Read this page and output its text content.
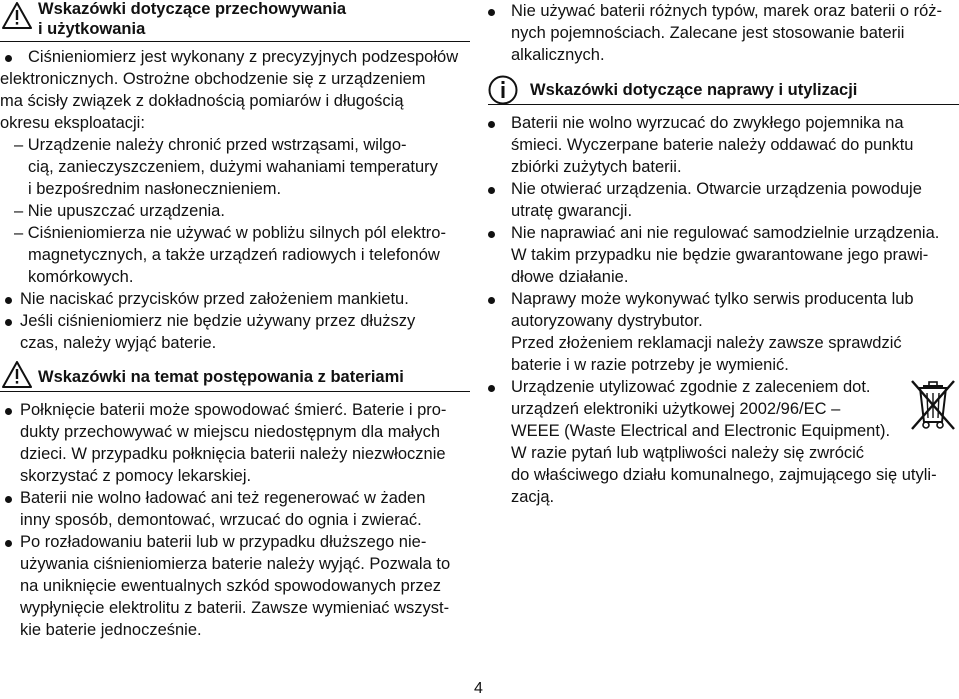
Wskazówki dotyczące przechowywania
i użytkowania
Ciśnieniomierz jest wykonany z precyzyjnych podzespołów
elektronicznych. Ostrożne obchodzenie się z urządzeniem
ma ścisły związek z dokładnością pomiarów i długością
okresu eksploatacji:
– Urządzenie należy chronić przed wstrząsami, wilgo-
cią, zanieczyszczeniem, dużymi wahaniami temperatury
i bezpośrednim nasłonecznieniem.
– Nie upuszczać urządzenia.
– Ciśnieniomierza nie używać w pobliżu silnych pól elektro-
magnetycznych, a także urządzeń radiowych i telefonów
komórkowych.
Nie naciskać przycisków przed założeniem mankietu.
Jeśli ciśnieniomierz nie będzie używany przez dłuższy
czas, należy wyjąć baterie.
Wskazówki na temat postępowania z bateriami
Połknięcie baterii może spowodować śmierć. Baterie i pro-
dukty przechowywać w miejscu niedostępnym dla małych
dzieci. W przypadku połknięcia baterii należy niezwłocznie
skorzystać z pomocy lekarskiej.
Baterii nie wolno ładować ani też regenerować w żaden
inny sposób, demontować, wrzucać do ognia i zwierać.
Po rozładowaniu baterii lub w przypadku dłuższego nie-
używania ciśnieniomierza baterie należy wyjąć. Pozwala to
na uniknięcie ewentualnych szkód spowodowanych przez
wypłynięcie elektrolitu z baterii. Zawsze wymieniać wszyst-
kie baterie jednocześnie.
Nie używać baterii różnych typów, marek oraz baterii o róż-
nych pojemnościach. Zalecane jest stosowanie baterii
alkalicznych.
Wskazówki dotyczące naprawy i utylizacji
Baterii nie wolno wyrzucać do zwykłego pojemnika na
śmieci. Wyczerpane baterie należy oddawać do punktu
zbiórki zużytych baterii.
Nie otwierać urządzenia. Otwarcie urządzenia powoduje
utratę gwarancji.
Nie naprawiać ani nie regulować samodzielnie urządzenia.
W takim przypadku nie będzie gwarantowane jego prawi-
dłowe działanie.
Naprawy może wykonywać tylko serwis producenta lub
autoryzowany dystrybutor.
Przed złożeniem reklamacji należy zawsze sprawdzić
baterie i w razie potrzeby je wymienić.
Urządzenie utylizować zgodnie z zaleceniem dot.
urządzeń elektroniki użytkowej 2002/96/EC –
WEEE (Waste Electrical and Electronic Equipment).
W razie pytań lub wątpliwości należy się zwrócić
do właściwego działu komunalnego, zajmującego się utyli-
zacją.
4
